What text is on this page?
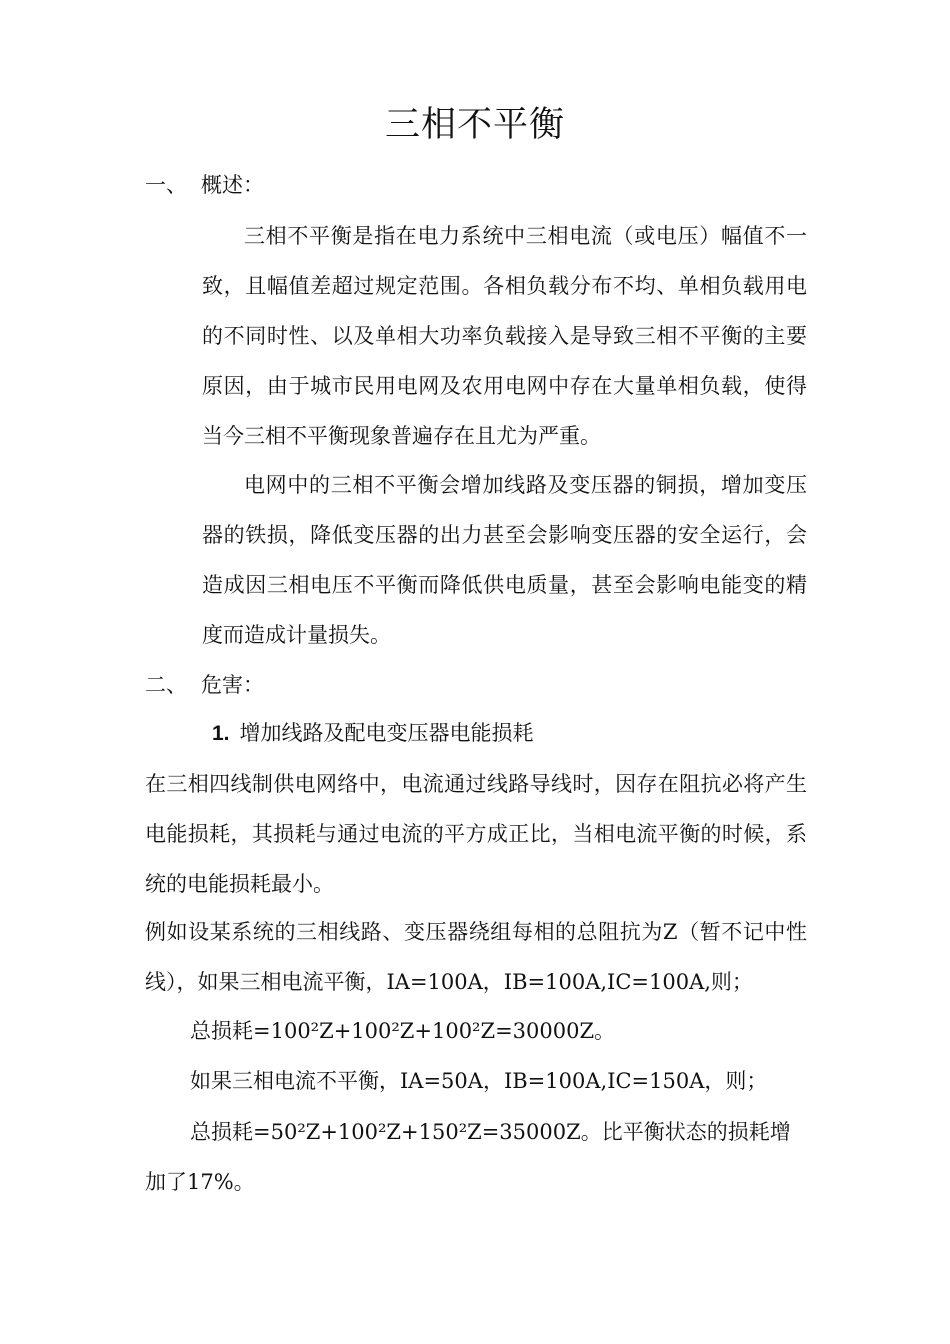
三相不平衡
一、 概述：

三相不平衡是指在电力系统中三相电流（或电压）幅值不一致，且幅值差超过规定范围。各相负载分布不均、单相负载用电的不同时性、以及单相大功率负载接入是导致三相不平衡的主要原因，由于城市民用电网及农用电网中存在大量单相负载，使得当今三相不平衡现象普遍存在且尤为严重。

电网中的三相不平衡会增加线路及变压器的铜损，增加变压器的铁损，降低变压器的出力甚至会影响变压器的安全运行，会造成因三相电压不平衡而降低供电质量，甚至会影响电能变的精度而造成计量损失。

二、 危害：
1. 增加线路及配电变压器电能损耗

在三相四线制供电网络中，电流通过线路导线时，因存在阻抗必将产生电能损耗，其损耗与通过电流的平方成正比，当相电流平衡的时候，系统的电能损耗最小。

例如设某系统的三相线路、变压器绕组每相的总阻抗为Z（暂不记中性线），如果三相电流平衡，IA=100A，IB=100A,IC=100A,则；

总损耗=100²Z+100²Z+100²Z=30000Z。
如果三相电流不平衡，IA=50A，IB=100A,IC=150A，则；

总损耗=50²Z+100²Z+150²Z=35000Z。比平衡状态的损耗增加了17%。
